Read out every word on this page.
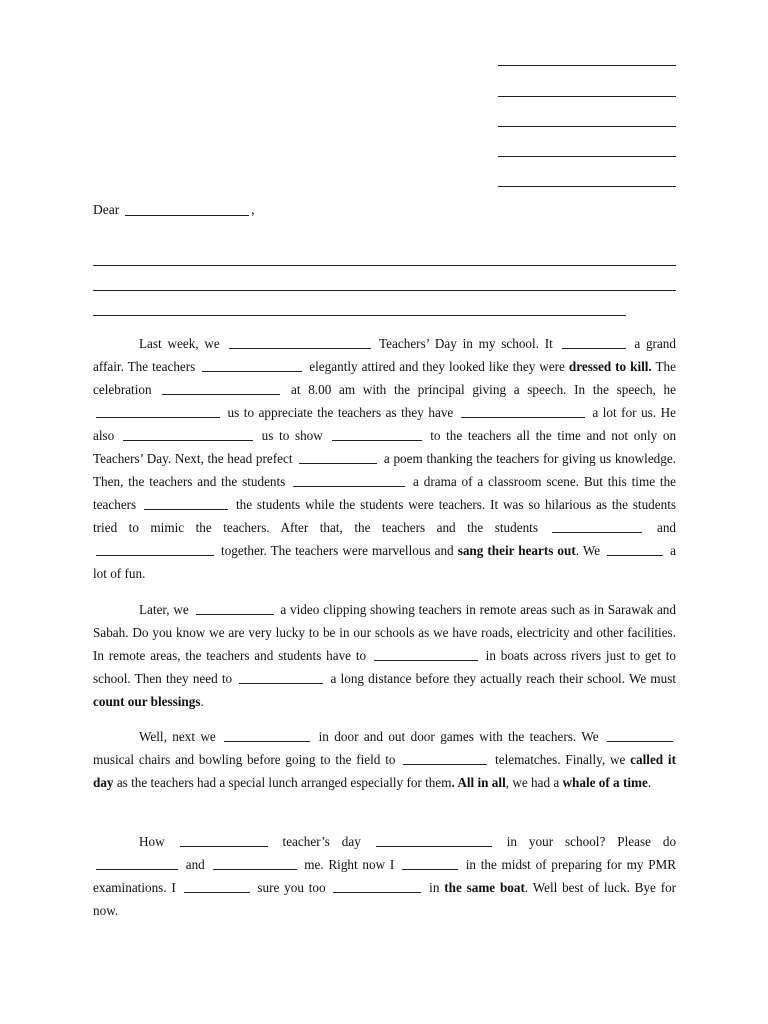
Dear	,

Last week, we	Teachers’ Day in my school. It	a grand affair. The teachers	elegantly attired and they looked like they were dressed to kill. The celebration	at 8.00 am with the principal giving a speech. In the speech, he  us to appreciate the teachers as they have	a lot for us. He also	us to show	to the teachers all the time and not only on Teachers’ Day. Next, the head prefect	a poem thanking the teachers for giving us knowledge. Then, the teachers and the students	a drama of a classroom scene. But this time the teachers	the students while the students were teachers. It was so hilarious as the students tried to mimic the teachers. After that, the teachers and the students	and  together. The teachers were marvellous and sang their hearts out. We	a lot of fun.

Later, we	a video clipping showing teachers in remote areas such as in Sarawak and Sabah. Do you know we are very lucky to be in our schools as we have roads, electricity and other facilities. In remote areas, the teachers and students have to	in boats across rivers just to get to school. Then they need to	a long distance before they actually reach their school. We must count our blessings.

Well, next we	in door and out door games with the teachers. We musical chairs and bowling before going to the field to	telematches. Finally, we called it day as the teachers had a special lunch arranged especially for them. All in all, we had a whale of a time.

How	teacher’s day	in your school? Please do  and	me. Right now I	in the midst of preparing for my PMR examinations. I	sure you too	in the same boat. Well best of luck. Bye for now.
